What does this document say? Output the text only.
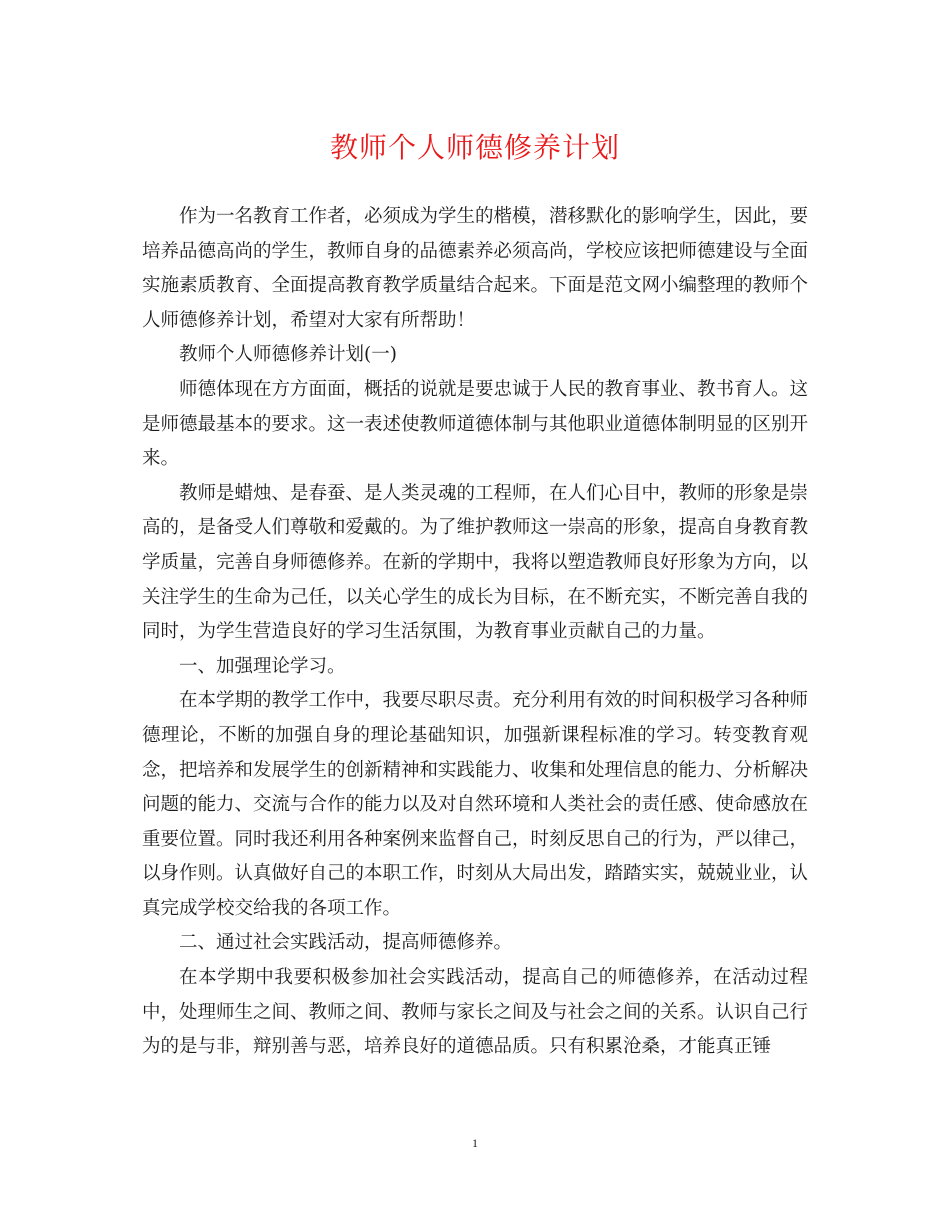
教师个人师德修养计划

作为一名教育工作者，必须成为学生的楷模，潜移默化的影响学生，因此，要培养品德高尚的学生，教师自身的品德素养必须高尚，学校应该把师德建设与全面实施素质教育、全面提高教育教学质量结合起来。下面是范文网小编整理的教师个人师德修养计划，希望对大家有所帮助！

教师个人师德修养计划(一)

师德体现在方方面面，概括的说就是要忠诚于人民的教育事业、教书育人。这是师德最基本的要求。这一表述使教师道德体制与其他职业道德体制明显的区别开来。

教师是蜡烛、是春蚕、是人类灵魂的工程师，在人们心目中，教师的形象是崇高的，是备受人们尊敬和爱戴的。为了维护教师这一崇高的形象，提高自身教育教学质量，完善自身师德修养。在新的学期中，我将以塑造教师良好形象为方向，以关注学生的生命为己任，以关心学生的成长为目标，在不断充实，不断完善自我的同时，为学生营造良好的学习生活氛围，为教育事业贡献自己的力量。

一、加强理论学习。

在本学期的教学工作中，我要尽职尽责。充分利用有效的时间积极学习各种师德理论，不断的加强自身的理论基础知识，加强新课程标准的学习。转变教育观念，把培养和发展学生的创新精神和实践能力、收集和处理信息的能力、分析解决问题的能力、交流与合作的能力以及对自然环境和人类社会的责任感、使命感放在重要位置。同时我还利用各种案例来监督自己，时刻反思自己的行为，严以律己，以身作则。认真做好自己的本职工作，时刻从大局出发，踏踏实实，兢兢业业，认真完成学校交给我的各项工作。

二、通过社会实践活动，提高师德修养。

在本学期中我要积极参加社会实践活动，提高自己的师德修养，在活动过程中，处理师生之间、教师之间、教师与家长之间及与社会之间的关系。认识自己行为的是与非，辩别善与恶，培养良好的道德品质。只有积累沧桑，才能真正锤

1
